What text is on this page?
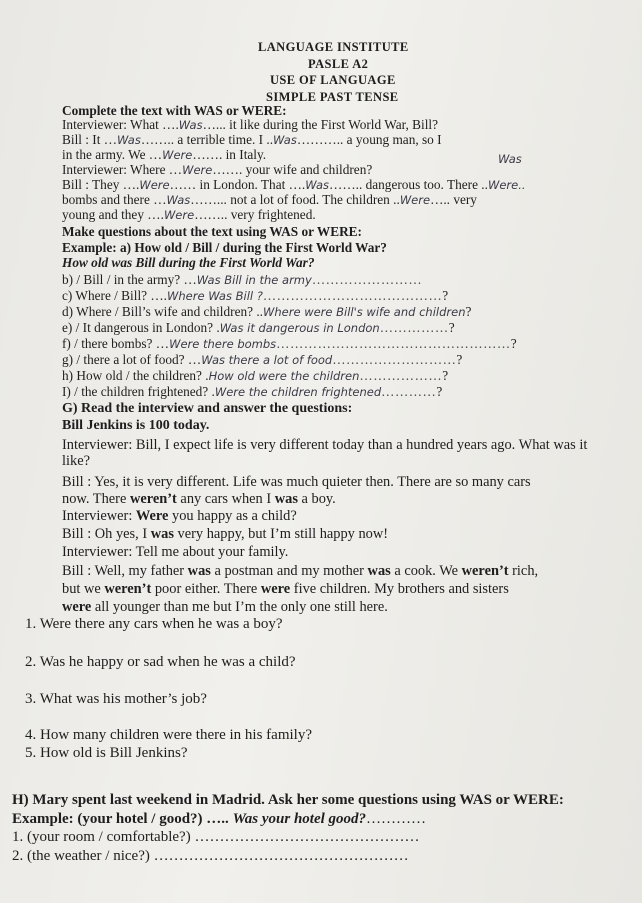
LANGUAGE INSTITUTE
PASLE A2
USE OF LANGUAGE
SIMPLE PAST TENSE
Complete the text with WAS or WERE:
Interviewer: What ….Was…... it like during the First World War, Bill?
Bill : It …Was…….. a terrible time. I ..Was……….. a young man, so I
Was
in the army. We …Were……. in Italy.
Interviewer: Where …Were……. your wife and children?
Bill : They ….Were…… in London. That ….Was…….. dangerous too. There ..Were..
bombs and there …Was……... not a lot of food. The children ..Were….. very
young and they ….Were…….. very frightened.
Make questions about the text using WAS or WERE:
Example: a) How old / Bill / during the First World War?
How old was Bill during the First World War?
b) / Bill / in the army? …Was Bill in the army……………………
c) Where / Bill? ….Where Was Bill ?…………………………………?
d) Where / Bill’s wife and children? ..Where were Bill's wife and children?
e) / It dangerous in London? .Was it dangerous in London……………?
f) / there bombs? …Were there bombs……………………………………………?
g) / there a lot of food? …Was there a lot of food………………………?
h) How old / the children? .How old were the children………………?
I) / the children frightened? .Were the children frightened…………?
G) Read the interview and answer the questions:
Bill Jenkins is 100 today.
Interviewer: Bill, I expect life is very different today than a hundred years ago. What was it
like?
Bill : Yes, it is very different. Life was much quieter then. There are so many cars
now. There weren’t any cars when I was a boy.
Interviewer: Were you happy as a child?
Bill : Oh yes, I was very happy, but I’m still happy now!
Interviewer: Tell me about your family.
Bill : Well, my father was a postman and my mother was a cook. We weren’t rich,
but we weren’t poor either. There were five children. My brothers and sisters
were all younger than me but I’m the only one still here.
1. Were there any cars when he was a boy?
2. Was he happy or sad when he was a child?
3. What was his mother’s job?
4. How many children were there in his family?
5. How old is Bill Jenkins?
H) Mary spent last weekend in Madrid. Ask her some questions using WAS or WERE:
Example: (your hotel / good?) ….. Was your hotel good?…………
1. (your room / comfortable?) ………………………………………
2. (the weather / nice?) ……………………………………………
